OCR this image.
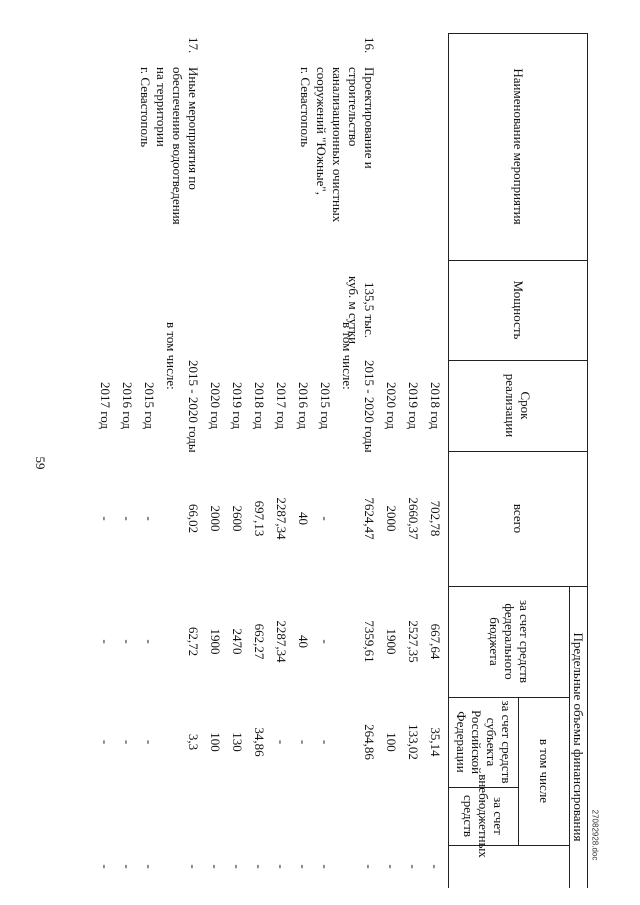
59
27082928.doc
Наименование мероприятия
Мощность
Срок реализации
всего
Предельные объемы финансирования
за счет средств федерального бюджета
в том числе
за счет средств субъекта Российской Федерации
за счет внебюджетных средств
2018 год
702,78
667,64
35,14
-
2019 год
2660,37
2527,35
133,02
-
2020 год
2000
1900
100
-
16.
Проектирование и
строительство
канализационных очистных
сооружений "Южные",
г. Севастополь
135,5 тыс.
куб. м сутки
2015 - 2020 годы
7624,47
7359,61
264,86
-
в том числе:
2015 год
-
-
-
-
2016 год
40
40
-
-
2017 год
2287,34
2287,34
-
-
2018 год
697,13
662,27
34,86
-
2019 год
2600
2470
130
-
2020 год
2000
1900
100
-
17.
Иные мероприятия по
обеспечению водоотведения
на территории
г. Севастополь
2015 - 2020 годы
66,02
62,72
3,3
-
в том числе:
2015 год
-
-
-
-
2016 год
-
-
-
-
2017 год
-
-
-
-
